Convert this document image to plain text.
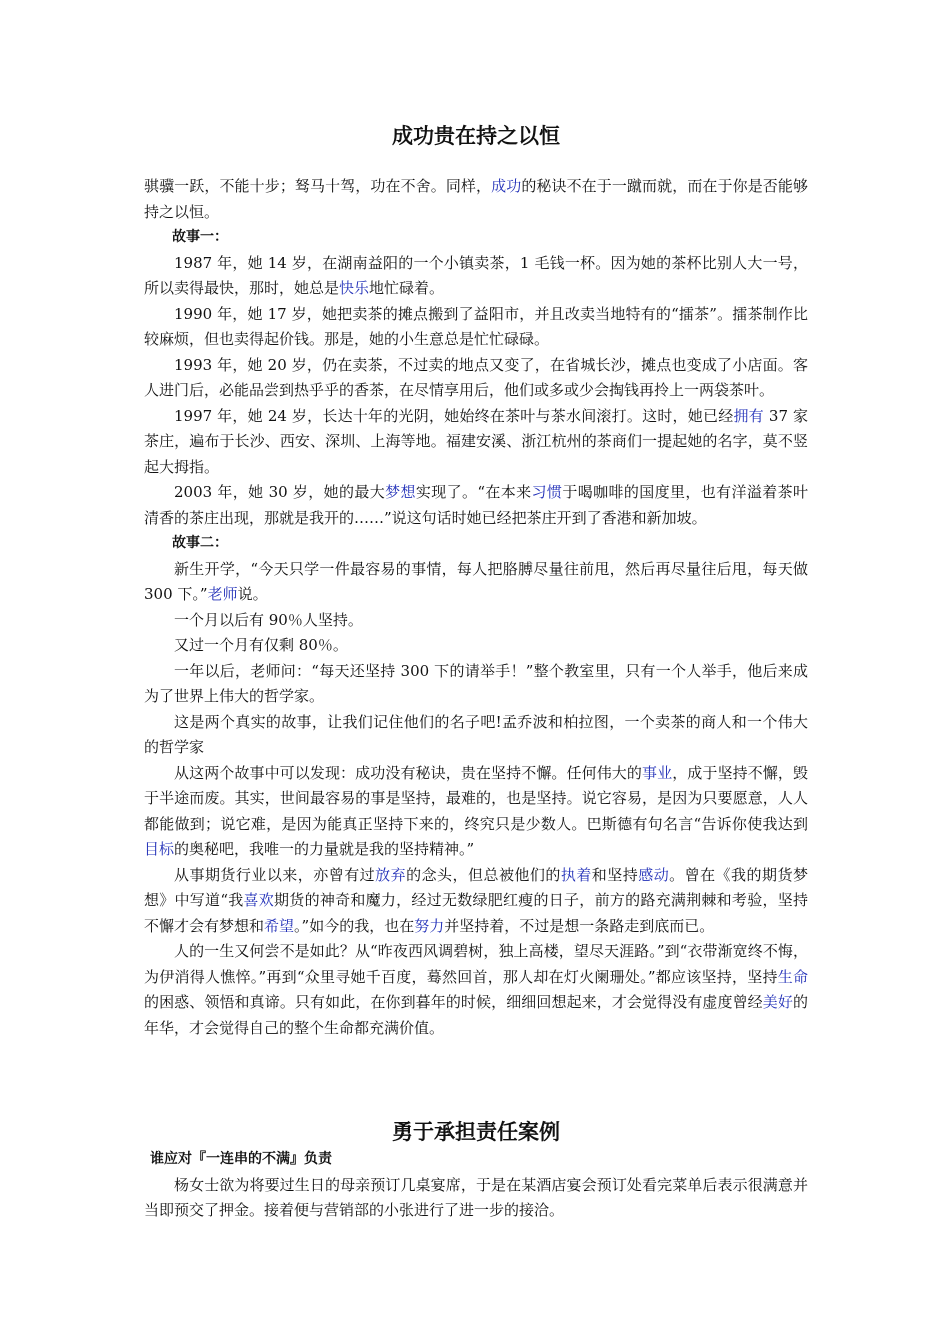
成功贵在持之以恒

骐骥一跃，不能十步；驽马十驾，功在不舍。同样，成功的秘诀不在于一蹴而就，而在于你是否能够持之以恒。

故事一：

1987 年，她 14 岁，在湖南益阳的一个小镇卖茶，1 毛钱一杯。因为她的茶杯比别人大一号，所以卖得最快，那时，她总是快乐地忙碌着。

1990 年，她 17 岁，她把卖茶的摊点搬到了益阳市，并且改卖当地特有的“擂茶”。擂茶制作比较麻烦，但也卖得起价钱。那是，她的小生意总是忙忙碌碌。

1993 年，她 20 岁，仍在卖茶，不过卖的地点又变了，在省城长沙，摊点也变成了小店面。客人进门后，必能品尝到热乎乎的香茶，在尽情享用后，他们或多或少会掏钱再拎上一两袋茶叶。

1997 年，她 24 岁，长达十年的光阴，她始终在茶叶与茶水间滚打。这时，她已经拥有 37 家茶庄，遍布于长沙、西安、深圳、上海等地。福建安溪、浙江杭州的茶商们一提起她的名字，莫不竖起大拇指。

2003 年，她 30 岁，她的最大梦想实现了。“在本来习惯于喝咖啡的国度里，也有洋溢着茶叶清香的茶庄出现，那就是我开的……”说这句话时她已经把茶庄开到了香港和新加坡。

故事二：

新生开学，“今天只学一件最容易的事情，每人把胳膊尽量往前甩，然后再尽量往后甩，每天做 300 下。”老师说。

一个月以后有 90％人坚持。

又过一个月有仅剩 80％。

一年以后，老师问：“每天还坚持 300 下的请举手！”整个教室里，只有一个人举手，他后来成为了世界上伟大的哲学家。

这是两个真实的故事，让我们记住他们的名子吧!孟乔波和柏拉图，一个卖茶的商人和一个伟大的哲学家

从这两个故事中可以发现：成功没有秘诀，贵在坚持不懈。任何伟大的事业，成于坚持不懈，毁于半途而废。其实，世间最容易的事是坚持，最难的，也是坚持。说它容易，是因为只要愿意，人人都能做到；说它难，是因为能真正坚持下来的，终究只是少数人。巴斯德有句名言“告诉你使我达到目标的奥秘吧，我唯一的力量就是我的坚持精神。”

从事期货行业以来，亦曾有过放弃的念头，但总被他们的执着和坚持感动。曾在《我的期货梦想》中写道“我喜欢期货的神奇和魔力，经过无数绿肥红瘦的日子，前方的路充满荆棘和考验，坚持不懈才会有梦想和希望。”如今的我，也在努力并坚持着，不过是想一条路走到底而已。

人的一生又何尝不是如此？从“昨夜西风调碧树，独上高楼，望尽天涯路。”到“衣带渐宽终不悔，为伊消得人憔悴。”再到“众里寻她千百度，蓦然回首，那人却在灯火阑珊处。”都应该坚持，坚持生命的困惑、领悟和真谛。只有如此，在你到暮年的时候，细细回想起来，才会觉得没有虚度曾经美好的年华，才会觉得自己的整个生命都充满价值。

勇于承担责任案例

谁应对『一连串的不满』负责

杨女士欲为将要过生日的母亲预订几桌宴席，于是在某酒店宴会预订处看完菜单后表示很满意并当即预交了押金。接着便与营销部的小张进行了进一步的接洽。
